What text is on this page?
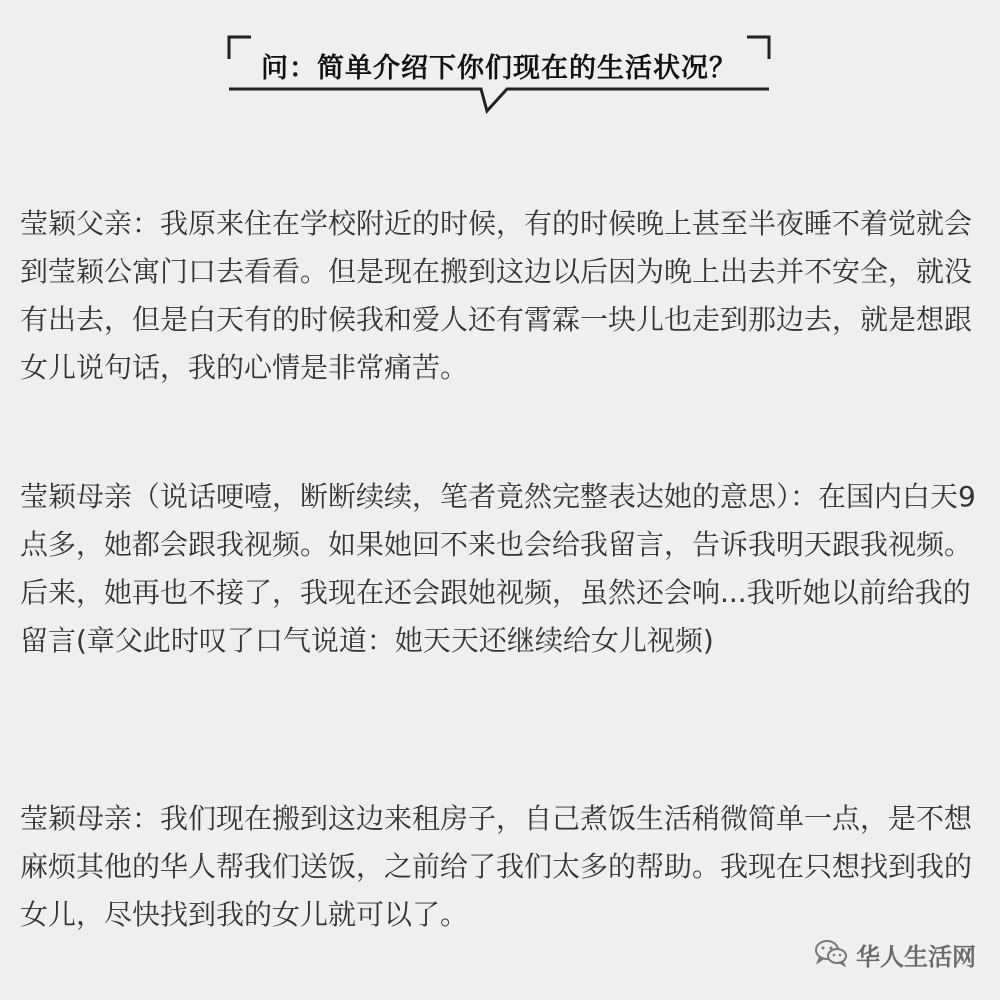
问：简单介绍下你们现在的生活状况？

莹颖父亲：我原来住在学校附近的时候，有的时候晚上甚至半夜睡不着觉就会到莹颖公寓门口去看看。但是现在搬到这边以后因为晚上出去并不安全，就没有出去，但是白天有的时候我和爱人还有霄霖一块儿也走到那边去，就是想跟女儿说句话，我的心情是非常痛苦。

莹颖母亲（说话哽噎，断断续续，笔者竟然完整表达她的意思）：在国内白天9点多，她都会跟我视频。如果她回不来也会给我留言，告诉我明天跟我视频。后来，她再也不接了，我现在还会跟她视频，虽然还会响...我听她以前给我的留言(章父此时叹了口气说道：她天天还继续给女儿视频)

莹颖母亲：我们现在搬到这边来租房子，自己煮饭生活稍微简单一点，是不想麻烦其他的华人帮我们送饭，之前给了我们太多的帮助。我现在只想找到我的女儿，尽快找到我的女儿就可以了。

华人生活网
